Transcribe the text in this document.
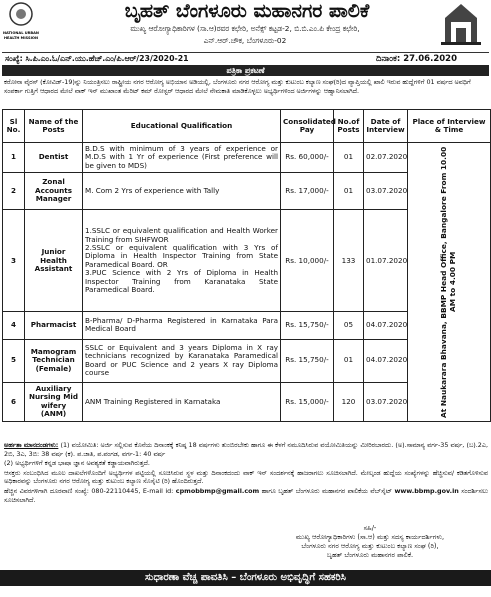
NATIONAL URBAN
HEALTH MISSION
ಬೃಹತ್ ಬೆಂಗಳೂರು ಮಹಾನಗರ ಪಾಲಿಕೆ
ಮುಖ್ಯ ಆರೋಗ್ಯಾಧಿಕಾರಿಗಳ (ಸಾ.ಆ)ರವರ ಕಛೇರಿ, ಅನೆಕ್ಸ್ ಕಟ್ಟಡ-2, ಬಿ.ಬಿ.ಎಂ.ಪಿ ಕೇಂದ್ರ ಕಛೇರಿ,
ಎನ್.ಆರ್.ಚೌಕ, ಬೆಂಗಳೂರು-02
ಸಂಖ್ಯೆ: ಸಿ.ಪಿ.ಎಂ.ಓ/ಎನ್.ಯು.ಹೆಚ್.ಎಂ/ಪಿ.ಆರ್/23/2020-21	ದಿನಾಂಕ: 27.06.2020
ಪತ್ರಿಕಾ ಪ್ರಕಟಣೆ
ಕರೋನಾ ವೈರಸ್ (ಕೋವಿಡ್-19)ನ್ನು ನಿಯಂತ್ರಿಸಲು ರಾಷ್ಟ್ರೀಯ ನಗರ ಆರೋಗ್ಯ ಅಭಿಯಾನ ಅಡಿಯಲ್ಲಿ, ಬೆಂಗಳೂರು ನಗರ ಆರೋಗ್ಯ ಮತ್ತು ಕುಟುಂಬ ಕಲ್ಯಾಣ ಸಂಘ(ರಿ)ದ ವ್ಯಾಪ್ತಿಯಲ್ಲಿ ಖಾಲಿ ಇರುವ ಹುದ್ದೆಗಳಿಗೆ 01 ವರ್ಷದ ಅವಧಿಗೆ ಸಂಪರ್ಕಾ ಗುತ್ತಿಗೆ ಆಧಾರದ ಮೇಲೆ ವಾಕ್ ಇನ್ ಮುಖಾಂತ ಮೆರಿಟ್ ಕಮ್ ರೋಸ್ಟರ್ ಆಧಾರದ ಮೇಲೆ ನೇಮಕಾತಿ ಮಾಡಿಕೊಳ್ಳಲು ಅಭ್ಯರ್ಥಿಗಳಿಂದ ಅರ್ಜಿಗಳನ್ನು ಆಹ್ವಾನಿಸಲಾಗಿದೆ.
Sl No.	Name of the Posts	Educational Qualification	Consolidated Pay	No.of Posts	Date of Interview	Place of Interview & Time
1	Dentist	B.D.S with minimum of 3 years of experience or M.D.S with 1 Yr of experience (First preference will be given to MDS)	Rs. 60,000/-	01	02.07.2020	At Naukarara Bhavana, BBMP Head Office, Bangalore From 10.00 AM to 4.00 PM

2	Zonal Accounts Manager	M. Com 2 Yrs of experience with Tally	Rs. 17,000/-	01	03.07.2020	
3	Junior Health Assistant	1.SSLC or equivalent qualification and Health Worker Training from SIHFWOR
2.SSLC or equivalent qualification with 3 Yrs of Diploma in Health Inspector Training from State Paramedical Board. OR
3.PUC Science with 2 Yrs of Diploma in Health Inspector Training from Karanataka State Paramedical Board.	Rs. 10,000/-	133	01.07.2020	
4	Pharmacist	B-Pharma/ D-Pharma Registered in Karnataka Para Medical Board	Rs. 15,750/-	05	04.07.2020	
5	Mamogram Technician (Female)	SSLC or Equivalent and 3 years Diploma in X ray technicians recognized by Karanataka Paramedical Board or PUC Science and 2 years X ray Diploma course	Rs. 15,750/-	01	04.07.2020	
6	Auxiliary Nursing Mid wifery (ANM)	ANM Training Registered in Karnataka	Rs. 15,000/-	120	03.07.2020	

ಅರ್ಹತಾ ಮಾನದಂಡಗಳು: (1) ವಯೋಮಿತಿ: ಅರ್ಜಿ ಸಲ್ಲಿಸುವ ಕೊನೆಯ ದಿನಾಂಕಕ್ಕೆ ಕನಿಷ್ಠ 18 ವರ್ಷಗಳು ತುಂಬಿರಬೇಕು ಹಾಗೂ ಈ ಕೆಳಗೆ ನಮೂದಿಸಿರುವ ವಯೋಮಿತಿಯನ್ನು ಮೀರಿರಬಾರದು. (ಅ).ಸಾಮಾನ್ಯ ವರ್ಗ-35 ವರ್ಷ, (ಬ).2ಎ, 2ಬಿ, 3ಎ, 3ಬಿ: 38 ವರ್ಷ (ಕ). ಪ.ಜಾತಿ, ಪ.ಪಂಗಡ, ವರ್ಗ-1: 40 ವರ್ಷ

(2) ಅಭ್ಯರ್ಥಿಗಳಿಗೆ ಕನ್ನಡ ಭಾಷಾ ಜ್ಞಾನ ಅವಶ್ಯಕತೆ ಕಡ್ಡಾಯವಾಗಿರುತ್ತದೆ.

ಆಸಕ್ತರು ಸಂಬಂಧಿಸಿದ ಮೂಲ ದಾಖಲೆಗಳೊಂದಿಗೆ ಅಭ್ಯರ್ಥಿಗಳ ಪಟ್ಟಿಯಲ್ಲಿ ಸೂಚಿಸಿರುವ ಸ್ಥಳ ಮತ್ತು ದಿನಾಂಕದಂದು ವಾಕ್ ಇನ್ ಸಂದರ್ಶನಕ್ಕೆ ಹಾಜರಾಗಲು ಸೂಚಿಸಲಾಗಿದೆ. ಮೇಲ್ಕಂಡ ಹುದ್ದೆಯ ಸಂಖ್ಯೆಗಳನ್ನು ಹೆಚ್ಚಿಸುವ/ ಕಡಿತಗೊಳಿಸುವ ಅಧಿಕಾರವನ್ನು ಬೆಂಗಳೂರು ನಗರ ಆರೋಗ್ಯ ಮತ್ತು ಕುಟುಂಬ ಕಲ್ಯಾಣ ಸೊಸೈಟಿ (ರಿ) ಹೊಂದಿರುತ್ತದೆ.

ಹೆಚ್ಚಿನ ವಿವರಗಳಿಗಾಗಿ ದೂರವಾಣಿ ಸಂಖ್ಯೆ: 080-22110445, E-mail id: cpmobbmp@gmail.com ಹಾಗೂ ಬೃಹತ್ ಬೆಂಗಳೂರು ಮಹಾನಗರ ಪಾಲಿಕೆಯ ವೆಬ್‌ಸೈಟ್ www.bbmp.gov.in ಸಂದರ್ಶಿಸಲು ಸೂಚಿಸಲಾಗಿದೆ.

ಸಹಿ/-
ಮುಖ್ಯ ಆರೋಗ್ಯಾಧಿಕಾರಿಗಳು (ಸಾ.ಆ) ಮತ್ತು ಸದಸ್ಯ ಕಾರ್ಯದರ್ಶಿಗಳು,
ಬೆಂಗಳೂರು ನಗರ ಆರೋಗ್ಯ ಮತ್ತು ಕುಟುಂಬ ಕಲ್ಯಾಣ ಸಂಘ (ರಿ),
ಬೃಹತ್ ಬೆಂಗಳೂರು ಮಹಾನಗರ ಪಾಲಿಕೆ.
ಸುಧಾರಣಾ ವೆಚ್ಚ ಪಾವತಿಸಿ – ಬೆಂಗಳೂರು ಅಭಿವೃದ್ಧಿಗೆ ಸಹಕರಿಸಿ
